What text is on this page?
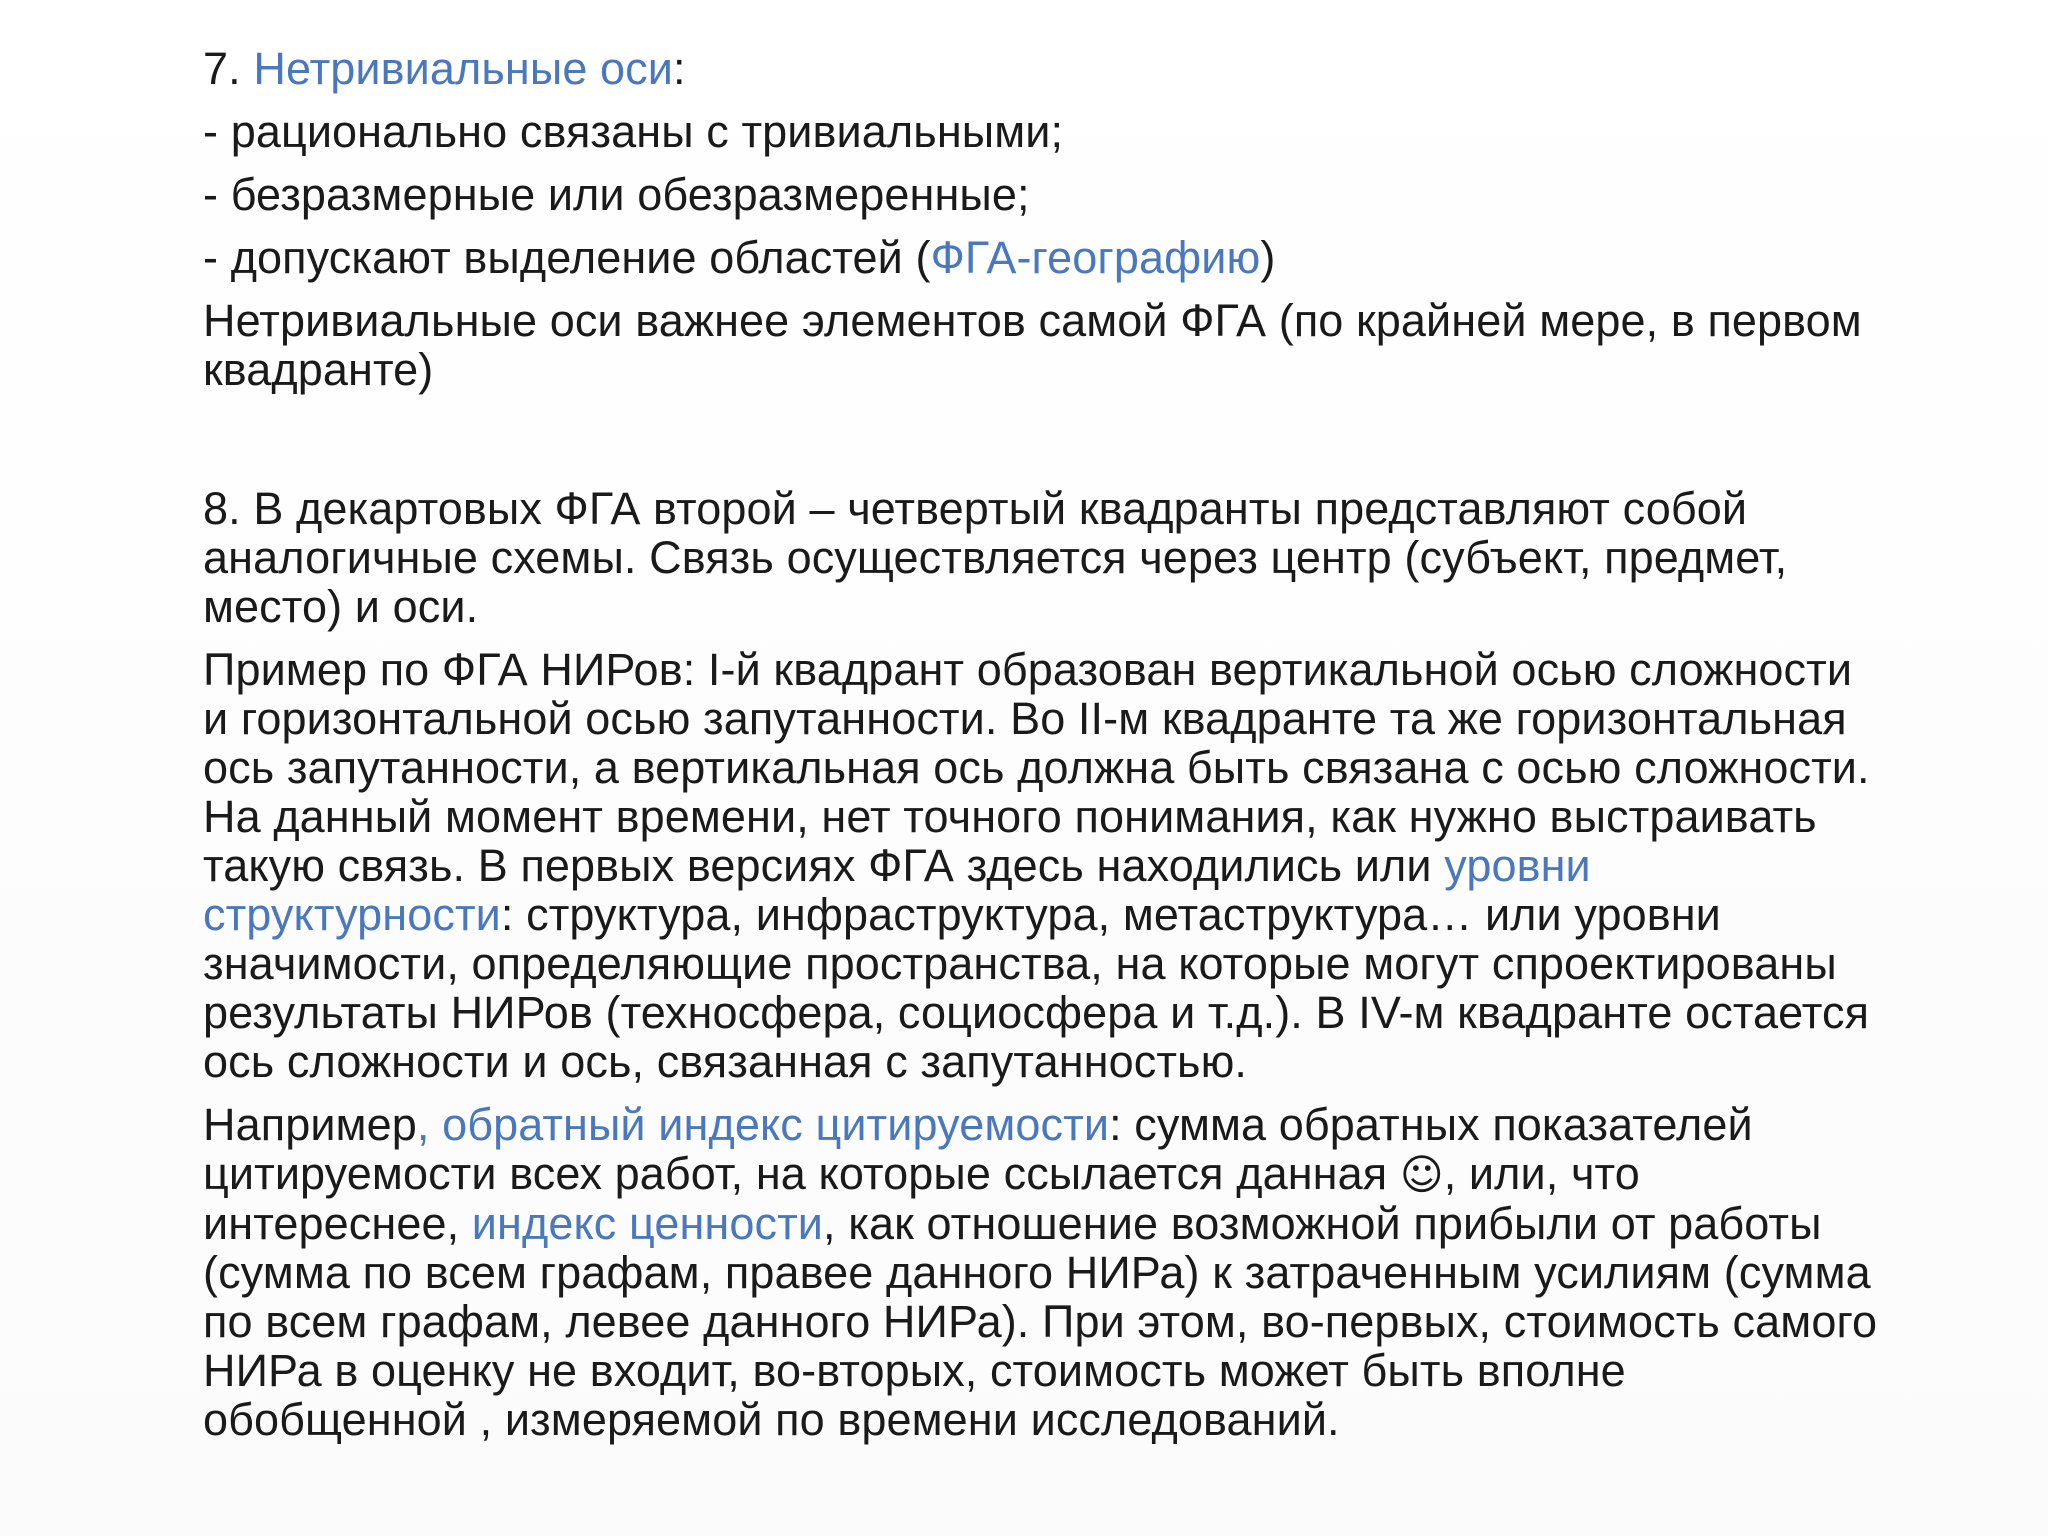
7. Нетривиальные оси:

- рационально связаны с тривиальными;

- безразмерные или обезразмеренные;

- допускают выделение областей (ФГА-географию)

Нетривиальные оси важнее элементов самой ФГА (по крайней мере, в первом

квадранте)

8. В декартовых ФГА второй – четвертый квадранты представляют собой

аналогичные схемы. Связь осуществляется через центр (субъект, предмет,

место) и оси.

Пример по ФГА НИРов: I-й квадрант образован вертикальной осью сложности

и горизонтальной осью запутанности. Во II-м квадранте та же горизонтальная

ось запутанности, а вертикальная ось должна быть связана с осью сложности.

На данный момент времени, нет точного понимания, как нужно выстраивать

такую связь. В первых версиях ФГА здесь находились или уровни

структурности: структура, инфраструктура, метаструктура… или уровни

значимости, определяющие пространства, на которые могут спроектированы

результаты НИРов (техносфера, социосфера и т.д.). В IV-м квадранте остается

ось сложности и ось, связанная с запутанностью.

Например, обратный индекс цитируемости: сумма обратных показателей

цитируемости всех работ, на которые ссылается данная ☺, или, что

интереснее, индекс ценности, как отношение возможной прибыли от работы

(сумма по всем графам, правее данного НИРа) к затраченным усилиям (сумма

по всем графам, левее данного НИРа). При этом, во-первых, стоимость самого

НИРа в оценку не входит, во-вторых, стоимость может быть вполне

обобщенной , измеряемой по времени исследований.
